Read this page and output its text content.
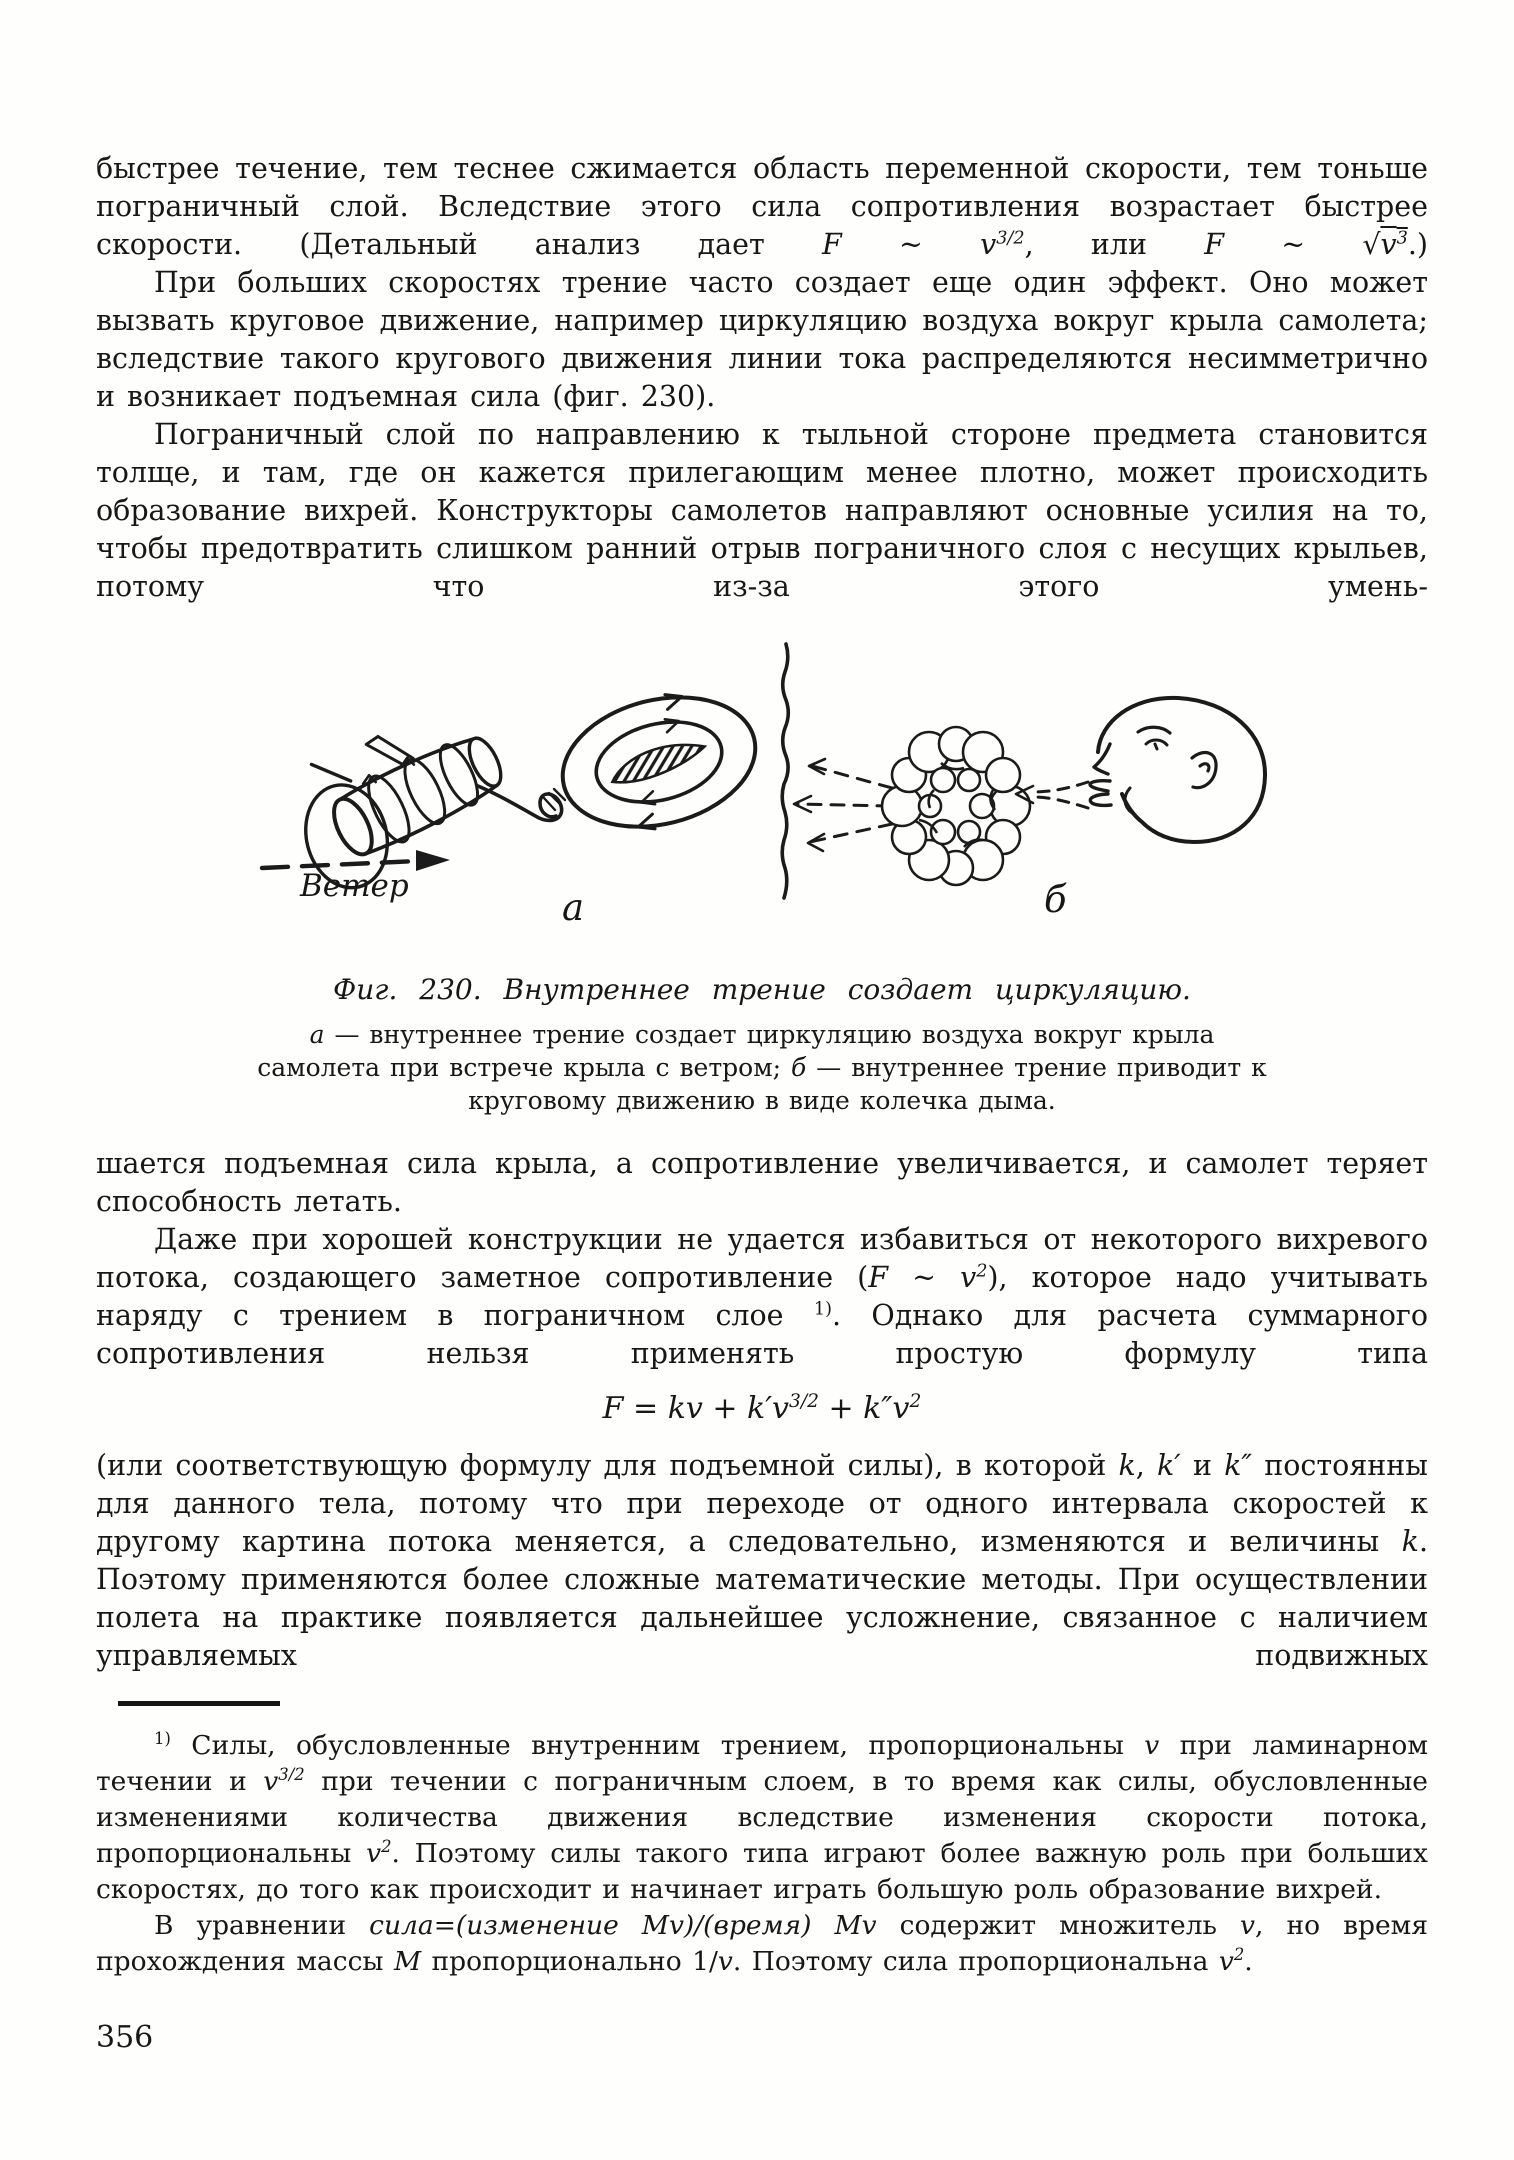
быстрее течение, тем теснее сжимается область переменной скорости, тем тоньше пограничный слой. Вследствие этого сила сопротивления возрастает быстрее скорости. (Детальный анализ дает F ~ $v^{3/2}$, или F ~ $√v^3$.)

При больших скоростях трение часто создает еще один эффект. Оно может вызвать круговое движение, например циркуляцию воздуха вокруг крыла самолета; вследствие такого кругового движения линии тока распределяются несимметрично и возникает подъемная сила (фиг. 230).

Пограничный слой по направлению к тыльной стороне предмета становится толще, и там, где он кажется прилегающим менее плотно, может происходить образование вихрей. Конструкторы самолетов направляют основные усилия на то, чтобы предотвратить слишком ранний отрыв пограничного слоя с несущих крыльев, потому что из-за этого умень-

Ветер	а	б
Фиг. 230. Внутреннее трение создает циркуляцию.
а — внутреннее трение создает циркуляцию воздуха вокруг крыла самолета при встрече крыла с ветром; б — внутреннее трение приводит к круговому движению в виде колечка дыма.

шается подъемная сила крыла, а сопротивление увеличивается, и самолет теряет способность летать.

Даже при хорошей конструкции не удается избавиться от некоторого вихревого потока, создающего заметное сопротивление (F ~ $v^2$), которое надо учитывать наряду с трением в пограничном слое $^{1)}$. Однако для расчета суммарного сопротивления нельзя применять простую формулу типа

F = kv + $k'v^{3/2} + k''v^2$

(или соответствующую формулу для подъемной силы), в которой k, k′ и k″ постоянны для данного тела, потому что при переходе от одного интервала скоростей к другому картина потока меняется, а следовательно, изменяются и величины k. Поэтому применяются более сложные математические методы. При осуществлении полета на практике появляется дальнейшее усложнение, связанное с наличием управляемых подвижных

$^{1)}$ Силы, обусловленные внутренним трением, пропорциональны v при ламинарном течении и $v^{3/2}$ при течении с пограничным слоем, в то время как силы, обусловленные изменениями количества движения вследствие изменения скорости потока, пропорциональны $v^2$. Поэтому силы такого типа играют более важную роль при больших скоростях, до того как происходит и начинает играть большую роль образование вихрей.

В уравнении сила=(изменение Mv)/(время) Mv содержит множитель v, но время прохождения массы M пропорционально 1/v. Поэтому сила пропорциональна $v^2$.

356
